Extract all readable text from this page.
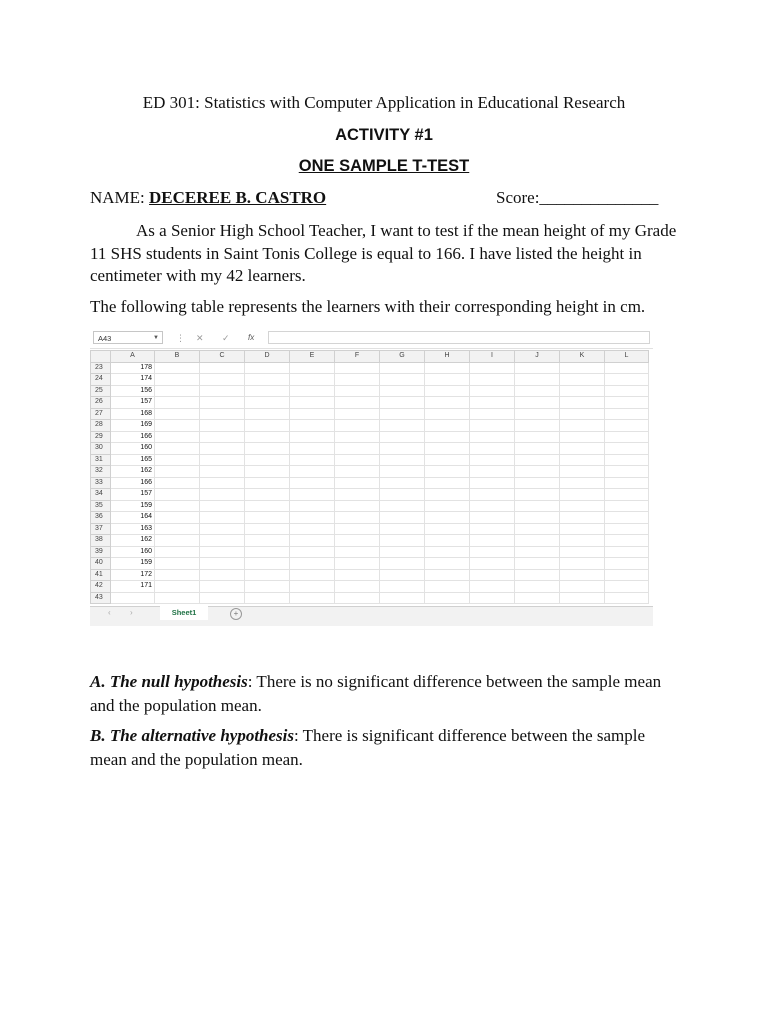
ED 301: Statistics with Computer Application in Educational Research
ACTIVITY #1
ONE SAMPLE T-TEST
NAME: DECEREE B. CASTRO	Score:______________
As a Senior High School Teacher, I want to test if the mean height of my Grade 11 SHS students in Saint Tonis College is equal to 166. I have listed the height in centimeter with my 42 learners.
The following table represents the learners with their corresponding height in cm.
A43	▼ ⋮ ✕ ✓ fx
	A	B	C	D	E	F	G	H	I	J	K	L
23	178											
24	174											
25	156											
26	157											
27	168											
28	169											
29	166											
30	160											
31	165											
32	162											
33	166											
34	157											
35	159											
36	164											
37	163											
38	162											
39	160											
40	159											
41	172											
42	171											
43												
‹ ›	Sheet1	+
A. The null hypothesis: There is no significant difference between the sample mean and the population mean.
B. The alternative hypothesis: There is significant difference between the sample mean and the population mean.
